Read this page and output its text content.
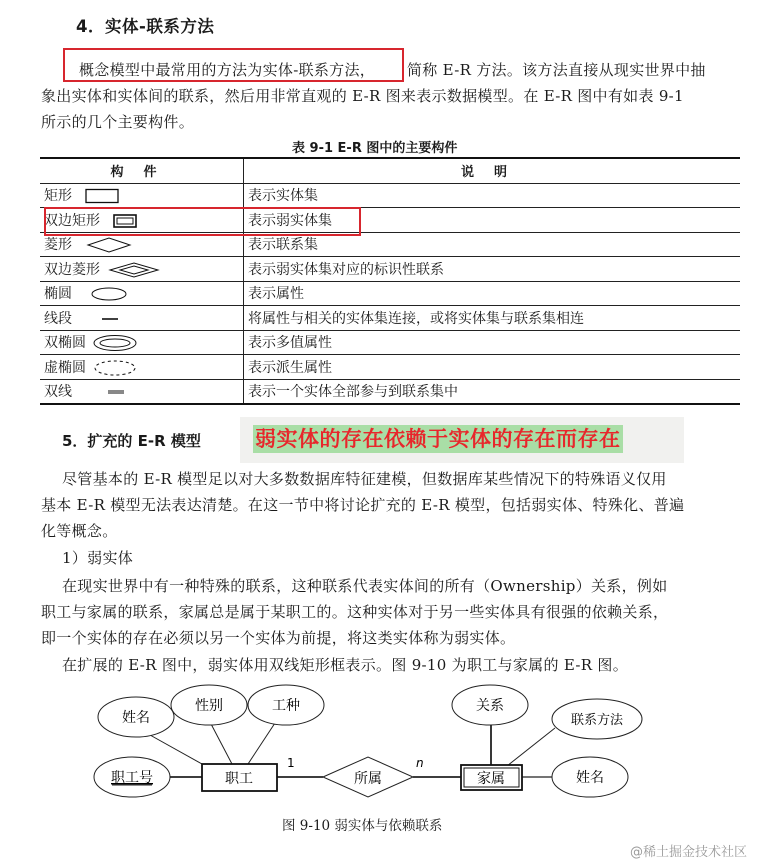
4．实体-联系方法
概念模型中最常用的方法为实体-联系方法， 简称 E-R 方法。该方法直接从现实世界中抽
象出实体和实体间的联系，然后用非常直观的 E-R 图来表示数据模型。在 E-R 图中有如表 9-1
所示的几个主要构件。
表 9-1 E-R 图中的主要构件
构件	说明
矩形	表示实体集
双边矩形	表示弱实体集
菱形	表示联系集
双边菱形	表示弱实体集对应的标识性联系
椭圆	表示属性
线段	将属性与相关的实体集连接，或将实体集与联系集相连
双椭圆	表示多值属性
虚椭圆	表示派生属性
双线	表示一个实体全部参与到联系集中
5．扩充的 E-R 模型	弱实体的存在依赖于实体的存在而存在
尽管基本的 E-R 模型足以对大多数数据库特征建模，但数据库某些情况下的特殊语义仅用
基本 E-R 模型无法表达清楚。在这一节中将讨论扩充的 E-R 模型，包括弱实体、特殊化、普遍
化等概念。
1）弱实体
在现实世界中有一种特殊的联系，这种联系代表实体间的所有（Ownership）关系，例如
职工与家属的联系，家属总是属于某职工的。这种实体对于另一些实体具有很强的依赖关系，
即一个实体的存在必须以另一个实体为前提，将这类实体称为弱实体。
在扩展的 E-R 图中，弱实体用双线矩形框表示。图 9-10 为职工与家属的 E-R 图。
姓名
性别	工种
职工号	职工	所属
1	n
家属
关系
联系方法
姓名
图 9-10 弱实体与依赖联系
@稀土掘金技术社区
